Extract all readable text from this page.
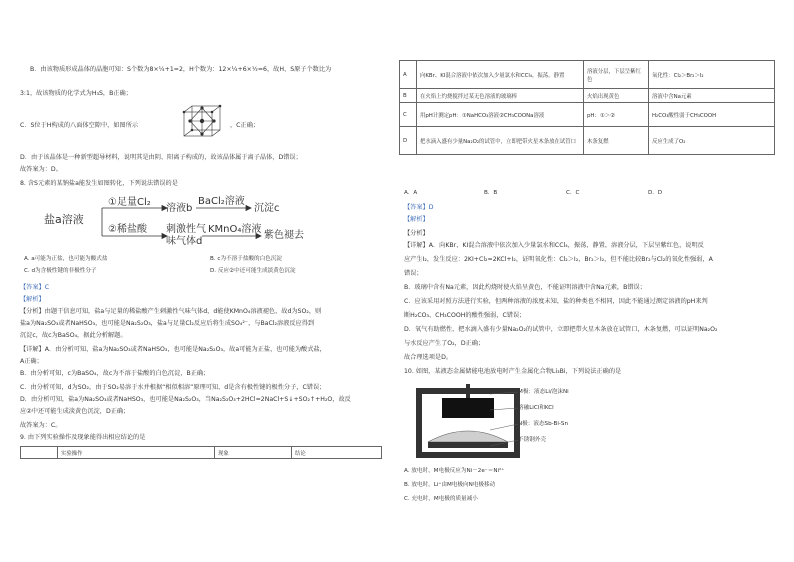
B．由该物质形成晶体的晶胞可知：S个数为8×¼+1=2，H个数为：12×¼+6×½=6，故H、S原子个数比为
3:1，故该物质的化学式为H₃S，B正确；
C．S位于H构成的八面体空隙中，如图所示	，C正确；
D．由于该晶体是一种新型超导材料，说明其是由阴、阳离子构成的，故该晶体属于离子晶体，D错误；
故答案为：D。
8. 含S元素的某钠盐a能发生如图转化，下列说法错误的是
盐a溶液
①足量Cl₂
溶液b
BaCl₂溶液
沉淀c
②稀盐酸 刺激性气
味气体d
KMnO₄溶液
紫色褪去
A. a可能为正盐，也可能为酸式盐	B. c为不溶于盐酸的白色沉淀
C. d为含极性键的非极性分子	D. 反应②中还可能生成淡黄色沉淀
【答案】C
【解析】
【分析】由题干信息可知，盐a与足量的稀盐酸产生刺激性气味气体d，d能使KMnO₄溶液褪色，故d为SO₂，则
盐a为Na₂SO₃或者NaHSO₃，也可能是Na₂S₂O₃，盐a与足量Cl₂反应后将生成SO₄²⁻，与BaCl₂溶液反应得到
沉淀c，故c为BaSO₄，据此分析解题。
【详解】A．由分析可知，盐a为Na₂SO₃或者NaHSO₃，也可能是Na₂S₂O₃，故a可能为正盐，也可能为酸式盐，
A正确；
B．由分析可知，c为BaSO₄，故c为不溶于盐酸的白色沉淀，B正确；
C．由分析可知，d为SO₂，由于SO₂易溶于水并根据“相似相溶”原理可知，d是含有极性键的极性分子，C错误；
D．由分析可知，盐a为Na₂SO₃或者NaHSO₃，也可能是Na₂S₂O₃，当Na₂S₂O₃+2HCl=2NaCl+S↓+SO₂↑+H₂O，故反
应②中还可能生成淡黄色沉淀，D正确；
故答案为：C。
9. 由下列实验操作及现象能得出相应结论的是
	实验操作	现象	结论
A	向KBr、KI混合溶液中依次加入少量氯水和CCl₄，振荡，静置	溶液分层，下层呈紫红色	氧化性：Cl₂＞Br₂＞I₂
B	在火焰上灼烧搅拌过某无色溶液的玻璃棒	火焰出现黄色	溶液中含Na元素
C	用pH计测定pH：①NaHCO₃溶液②CH₃COONa溶液	pH：①＞②	H₂CO₃酸性弱于CH₃COOH
D	把水滴入盛有少量Na₂O₂的试管中，立即把带火星木条放在试管口	木条复燃	反应生成了O₂
A．A	B．B	C．C	D．D
【答案】D
【解析】
【分析】
【详解】A．向KBr、KI混合溶液中依次加入少量氯水和CCl₄，振荡，静置，溶液分层，下层呈紫红色，说明反
应产生I₂，发生反应：2KI+Cl₂=2KCl+I₂，证明氧化性：Cl₂＞I₂，Br₂＞I₂，但不能比较Br₂与Cl₂的氧化性强弱，A
错误；
B．玻璃中含有Na元素，因此灼烧时使火焰呈黄色，不能证明溶液中含Na元素，B错误；
C．应该采用对照方法进行实验，但两种溶液的浓度未知，盐的种类也不相同，因此不能通过测定溶液的pH来判
断H₂CO₃、CH₃COOH的酸性强弱，C错误；
D．氧气有助燃性，把水滴入盛有少量Na₂O₂的试管中，立即把带火星木条放在试管口，木条复燃，可以证明Na₂O₂
与水反应产生了O₂，D正确；
故合理选项是D。
10. 如图，某液态金属储能电池放电时产生金属化合物Li₃Bi，下列说法正确的是
M极：液态Li/泡沫Ni
熔融LiCl和KCl
N极：液态Sb-Bi-Sn
不锈钢外壳
A. 放电时，M电极反应为Ni－2e⁻＝Ni²⁺
B. 放电时，Li⁺由M电极向N电极移动
C. 充电时，M电极的质量减小
